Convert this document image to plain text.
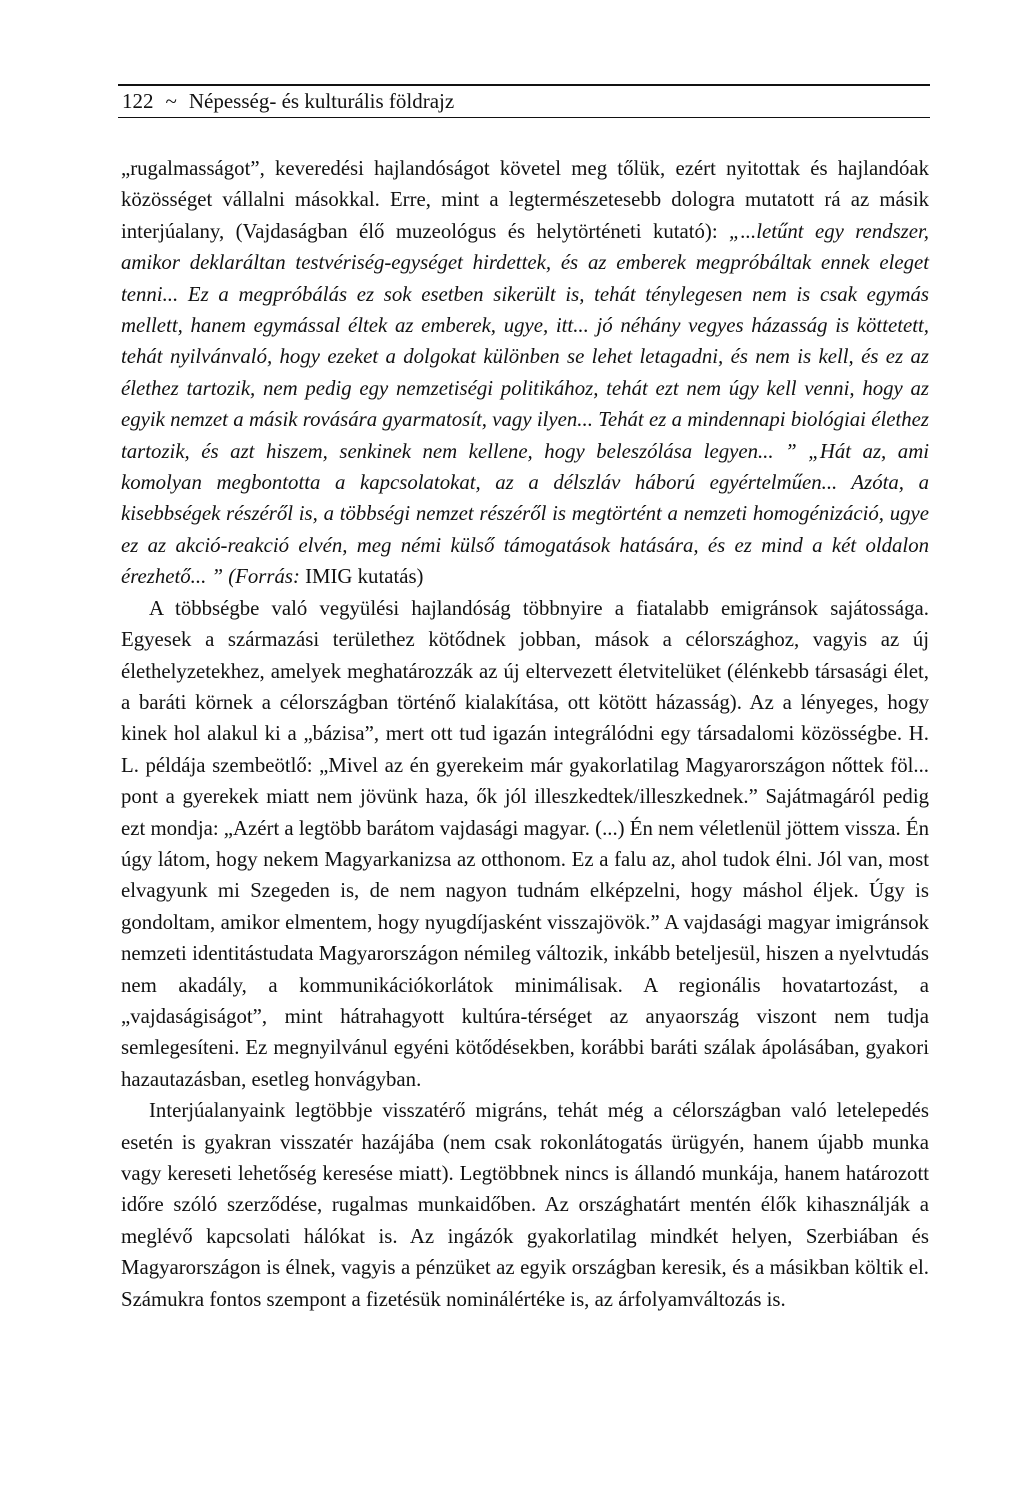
122 ~ Népesség- és kulturális földrajz

„rugalmasságot”, keveredési hajlandóságot követel meg tőlük, ezért nyitottak és hajlandóak közösséget vállalni másokkal. Erre, mint a legtermészetesebb dologra mutatott rá az másik interjúalany, (Vajdaságban élő muzeológus és helytörténeti kutató): „...letűnt egy rendszer, amikor deklaráltan testvériség-egységet hirdettek, és az emberek megpróbáltak ennek eleget tenni... Ez a megpróbálás ez sok esetben sikerült is, tehát ténylegesen nem is csak egymás mellett, hanem egymással éltek az emberek, ugye, itt... jó néhány vegyes házasság is köttetett, tehát nyilvánvaló, hogy ezeket a dolgokat különben se lehet letagadni, és nem is kell, és ez az élethez tartozik, nem pedig egy nemzetiségi politikához, tehát ezt nem úgy kell venni, hogy az egyik nemzet a másik rovására gyarmatosít, vagy ilyen... Tehát ez a mindennapi biológiai élethez tartozik, és azt hiszem, senkinek nem kellene, hogy beleszólása legyen... ” „Hát az, ami komolyan megbontotta a kapcsolatokat, az a délszláv háború egyértelműen... Azóta, a kisebbségek részéről is, a többségi nemzet részéről is megtörtént a nemzeti homogénizáció, ugye ez az akció-reakció elvén, meg némi külső támogatások hatására, és ez mind a két oldalon érezhető... ” (Forrás: IMIG kutatás)

A többségbe való vegyülési hajlandóság többnyire a fiatalabb emigránsok sajátossága. Egyesek a származási területhez kötődnek jobban, mások a célországhoz, vagyis az új élethelyzetekhez, amelyek meghatározzák az új eltervezett életvitelüket (élénkebb társasági élet, a baráti körnek a célországban történő kialakítása, ott kötött házasság). Az a lényeges, hogy kinek hol alakul ki a „bázisa”, mert ott tud igazán integrálódni egy társadalomi közösségbe. H. L. példája szembeötlő: „Mivel az én gyerekeim már gyakorlatilag Magyarországon nőttek föl... pont a gyerekek miatt nem jövünk haza, ők jól illeszkedtek/illeszkednek.” Sajátmagáról pedig ezt mondja: „Azért a legtöbb barátom vajdasági magyar. (...) Én nem véletlenül jöttem vissza. Én úgy látom, hogy nekem Magyarkanizsa az otthonom. Ez a falu az, ahol tudok élni. Jól van, most elvagyunk mi Szegeden is, de nem nagyon tudnám elképzelni, hogy máshol éljek. Úgy is gondoltam, amikor elmentem, hogy nyugdíjasként visszajövök.” A vajdasági magyar imigránsok nemzeti identitástudata Magyarországon némileg változik, inkább beteljesül, hiszen a nyelvtudás nem akadály, a kommunikációkorlátok minimálisak. A regionális hovatartozást, a „vajdaságiságot”, mint hátrahagyott kultúra-térséget az anyaország viszont nem tudja semlegesíteni. Ez megnyilvánul egyéni kötődésekben, korábbi baráti szálak ápolásában, gyakori hazautazásban, esetleg honvágyban.

Interjúalanyaink legtöbbje visszatérő migráns, tehát még a célországban való letelepedés esetén is gyakran visszatér hazájába (nem csak rokonlátogatás ürügyén, hanem újabb munka vagy kereseti lehetőség keresése miatt). Legtöbbnek nincs is állandó munkája, hanem határozott időre szóló szerződése, rugalmas munkaidőben. Az országhatárt mentén élők kihasználják a meglévő kapcsolati hálókat is. Az ingázók gyakorlatilag mindkét helyen, Szerbiában és Magyarországon is élnek, vagyis a pénzüket az egyik országban keresik, és a másikban költik el. Számukra fontos szempont a fizetésük nominálértéke is, az árfolyamváltozás is.
